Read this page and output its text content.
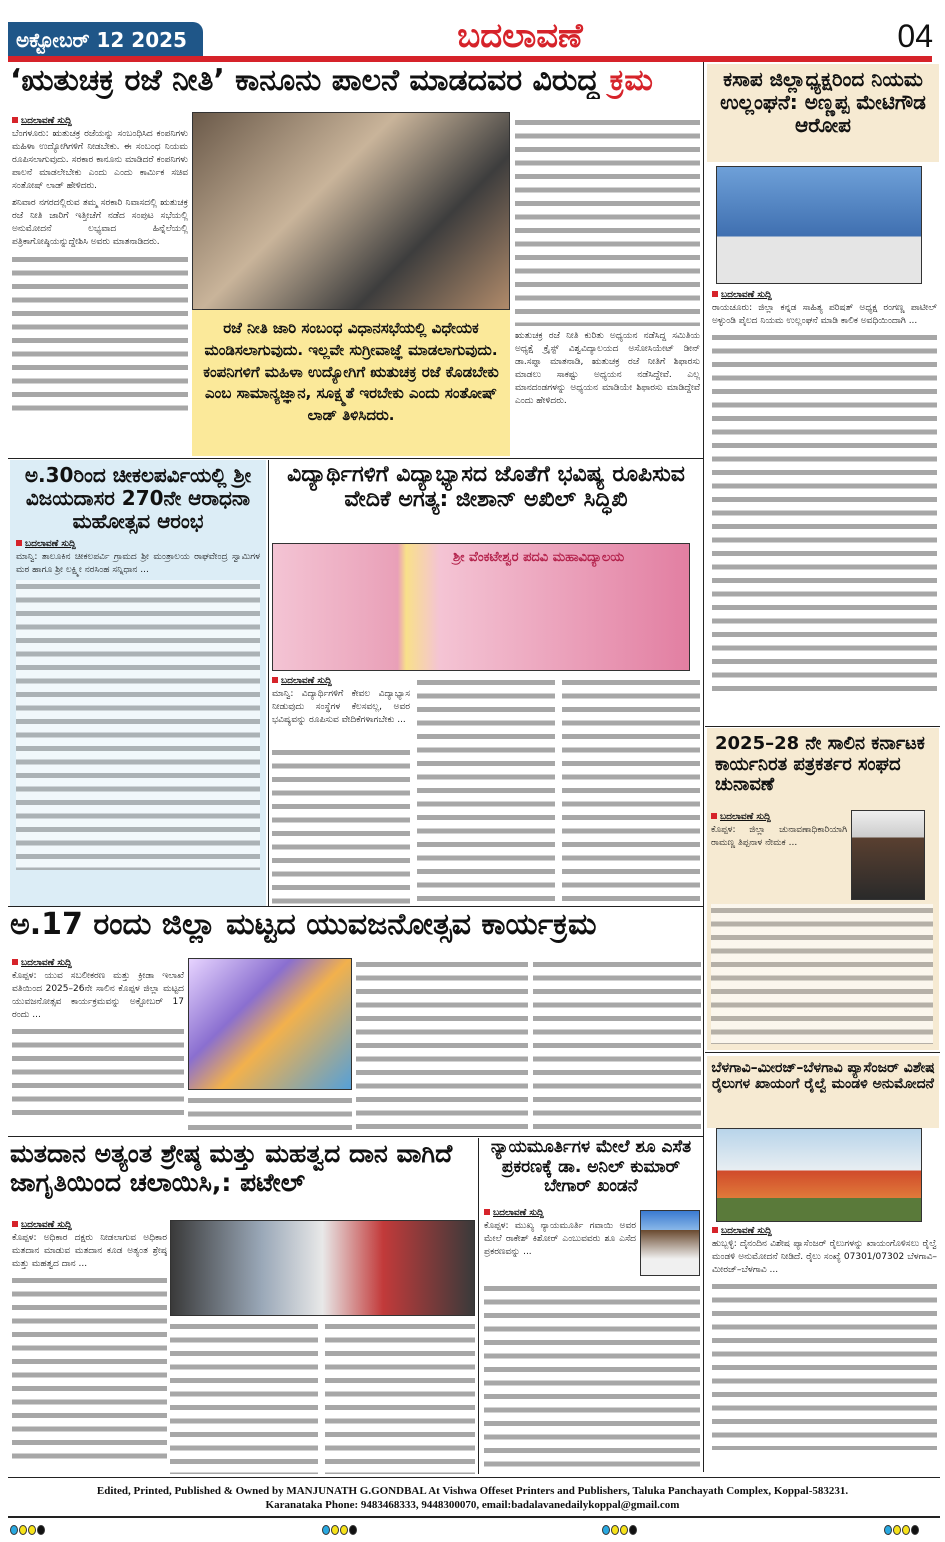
ಅಕ್ಟೋಬರ್ 12 2025	ಬದಲಾವಣೆ	04
‘ಋತುಚಕ್ರ ರಜೆ ನೀತಿ’ ಕಾನೂನು ಪಾಲನೆ ಮಾಡದವರ ವಿರುದ್ಧ ಕ್ರಮ
ಬದಲಾವಣೆ ಸುದ್ದಿ

ಬೆಂಗಳೂರು: ಋತುಚಕ್ರ ರಜೆಯನ್ನು ಸಂಬಂಧಿಸಿದ ಕಂಪನಿಗಳು ಮಹಿಳಾ ಉದ್ಯೋಗಿಗಳಿಗೆ ನೀಡಬೇಕು. ಈ ಸಂಬಂಧ ನಿಯಮ ರೂಪಿಸಲಾಗುವುದು. ಸರಕಾರ ಕಾನೂನು ಮಾಡಿದರೆ ಕಂಪನಿಗಳು ಪಾಲನೆ ಮಾಡಲೇಬೇಕು ಎಂದು ಎಂದು ಕಾರ್ಮಿಕ ಸಚಿವ ಸಂತೋಷ್ ಲಾಡ್ ಹೇಳಿದರು.

ಶನಿವಾರ ನಗರದಲ್ಲಿರುವ ತಮ್ಮ ಸರಕಾರಿ ನಿವಾಸದಲ್ಲಿ ಋತುಚಕ್ರ ರಜೆ ನೀತಿ ಜಾರಿಗೆ ಇತ್ತೀಚೆಗೆ ನಡೆದ ಸಂಪುಟ ಸಭೆಯಲ್ಲಿ ಅನುಮೋದನೆ ಲಭ್ಯವಾದ ಹಿನ್ನೆಲೆಯಲ್ಲಿ ಪತ್ರಿಕಾಗೋಷ್ಠಿಯನ್ನುದ್ದೇಶಿಸಿ ಅವರು ಮಾತನಾಡಿದರು.

ರಜೆ ನೀತಿ ಜಾರಿ ಸಂಬಂಧ ವಿಧಾನಸಭೆಯಲ್ಲಿ ವಿಧೇಯಕ ಮಂಡಿಸಲಾಗುವುದು. ಇಲ್ಲವೇ ಸುಗ್ರೀವಾಜ್ಞೆ ಮಾಡಲಾಗುವುದು. ಕಂಪನಿಗಳಿಗೆ ಮಹಿಳಾ ಉದ್ಯೋಗಿಗೆ ಋತುಚಕ್ರ ರಜೆ ಕೊಡಬೇಕು ಎಂಬ ಸಾಮಾನ್ಯಜ್ಞಾನ, ಸೂಕ್ಷ್ಮತೆ ಇರಬೇಕು ಎಂದು ಸಂತೋಷ್ ಲಾಡ್ ತಿಳಿಸಿದರು.

ಋತುಚಕ್ರ ರಜೆ ನೀತಿ ಕುರಿತು ಅಧ್ಯಯನ ನಡೆಸಿದ್ದ ಸಮಿತಿಯ ಅಧ್ಯಕ್ಷೆ ಕ್ರೈಸ್ಟ್ ವಿಶ್ವವಿದ್ಯಾಲಯದ ಅಸೋಸಿಯೇಟ್ ಡೀನ್ ಡಾ.ಸಪ್ನಾ ಮಾತನಾಡಿ, ಋತುಚಕ್ರ ರಜೆ ನೀತಿಗೆ ಶಿಫಾರಸು ಮಾಡಲು ಸಾಕಷ್ಟು ಅಧ್ಯಯನ ನಡೆಸಿದ್ದೇವೆ. ಎಲ್ಲ ಮಾನದಂಡಗಳನ್ನು ಅಧ್ಯಯನ ಮಾಡಿಯೇ ಶಿಫಾರಸು ಮಾಡಿದ್ದೇವೆ ಎಂದು ಹೇಳಿದರು.

ಕಸಾಪ ಜಿಲ್ಲಾಧ್ಯಕ್ಷರಿಂದ ನಿಯಮ ಉಲ್ಲಂಘನೆ: ಅಣ್ಣಪ್ಪ ಮೇಟಿಗೌಡ ಆರೋಪ
ಬದಲಾವಣೆ ಸುದ್ದಿ

ರಾಯಚೂರು: ಜಿಲ್ಲಾ ಕನ್ನಡ ಸಾಹಿತ್ಯ ಪರಿಷತ್ ಅಧ್ಯಕ್ಷ ರಂಗಣ್ಣ ಪಾಟೀಲ್ ಅಳ್ಳುಂಡಿ ಪೈಲದ ನಿಯಮ ಉಲ್ಲಂಘನೆ ಮಾಡಿ ಕಾಲಿಕ ಅವಧಿಯಿಂದಾಗಿ ...

ಅ.30ರಿಂದ ಚೀಕಲಪರ್ವಿಯಲ್ಲಿ ಶ್ರೀ ವಿಜಯದಾಸರ 270ನೇ ಆರಾಧನಾ ಮಹೋತ್ಸವ ಆರಂಭ
ಬದಲಾವಣೆ ಸುದ್ದಿ

ಮಾನ್ವಿ: ತಾಲೂಕಿನ ಚೀಕಲಪರ್ವಿ ಗ್ರಾಮದ ಶ್ರೀ ಮಂತ್ರಾಲಯ ರಾಘವೇಂದ್ರ ಸ್ವಾಮಿಗಳ ಮಠ ಹಾಗೂ ಶ್ರೀ ಲಕ್ಷ್ಮೀ ನರಸಿಂಹ ಸನ್ನಿಧಾನ ...

ವಿದ್ಯಾರ್ಥಿಗಳಿಗೆ ವಿದ್ಯಾಭ್ಯಾಸದ ಜೊತೆಗೆ ಭವಿಷ್ಯ ರೂಪಿಸುವ ವೇದಿಕೆ ಅಗತ್ಯ: ಜೀಶಾನ್ ಅಖಿಲ್ ಸಿದ್ಧಿಖಿ
ಶ್ರೀ ವೆಂಕಟೇಶ್ವರ ಪದವಿ ಮಹಾವಿದ್ಯಾಲಯ
ಬದಲಾವಣೆ ಸುದ್ದಿ

ಮಾನ್ವಿ: ವಿದ್ಯಾರ್ಥಿಗಳಿಗೆ ಕೇವಲ ವಿದ್ಯಾಭ್ಯಾಸ ನೀಡುವುದು ಸಂಸ್ಥೆಗಳ ಕೆಲಸವಲ್ಲ, ಅವರ ಭವಿಷ್ಯವನ್ನು ರೂಪಿಸುವ ವೇದಿಕೆಗಳಾಗಬೇಕು ...

2025–28 ನೇ ಸಾಲಿನ ಕರ್ನಾಟಕ ಕಾರ್ಯನಿರತ ಪತ್ರಕರ್ತರ ಸಂಘದ ಚುನಾವಣೆ
ಬದಲಾವಣೆ ಸುದ್ದಿ

ಕೊಪ್ಪಳ: ಜಿಲ್ಲಾ ಚುನಾವಣಾಧಿಕಾರಿಯಾಗಿ ರಾಮಣ್ಣ ತಿಪ್ಪನಾಳ ನೇಮಕ ...

ಅ.17 ರಂದು ಜಿಲ್ಲಾ ಮಟ್ಟದ ಯುವಜನೋತ್ಸವ ಕಾರ್ಯಕ್ರಮ
ಬದಲಾವಣೆ ಸುದ್ದಿ

ಕೊಪ್ಪಳ: ಯುವ ಸಬಲೀಕರಣ ಮತ್ತು ಕ್ರೀಡಾ ಇಲಾಖೆ ವತಿಯಿಂದ 2025–26ನೇ ಸಾಲಿನ ಕೊಪ್ಪಳ ಜಿಲ್ಲಾ ಮಟ್ಟದ ಯುವಜನೋತ್ಸವ ಕಾರ್ಯಕ್ರಮವನ್ನು ಅಕ್ಟೋಬರ್ 17 ರಂದು ...

ಬೆಳಗಾವಿ–ಮೀರಜ್–ಬೆಳಗಾವಿ ಪ್ಯಾಸೆಂಜರ್ ವಿಶೇಷ ರೈಲುಗಳ ಖಾಯಂಗೆ ರೈಲ್ವೆ ಮಂಡಳಿ ಅನುಮೋದನೆ
ಬದಲಾವಣೆ ಸುದ್ದಿ

ಹುಬ್ಬಳ್ಳಿ: ದೈನಂದಿನ ವಿಶೇಷ ಪ್ಯಾಸೆಂಜರ್ ರೈಲುಗಳನ್ನು ಖಾಯಂಗೊಳಿಸಲು ರೈಲ್ವೆ ಮಂಡಳಿ ಅನುಮೋದನೆ ನೀಡಿದೆ. ರೈಲು ಸಂಖ್ಯೆ 07301/07302 ಬೆಳಗಾವಿ–ಮೀರಜ್–ಬೆಳಗಾವಿ ...

ಮತದಾನ ಅತ್ಯಂತ ಶ್ರೇಷ್ಠ ಮತ್ತು ಮಹತ್ವದ ದಾನ ವಾಗಿದೆ ಜಾಗೃತಿಯಿಂದ ಚಲಾಯಿಸಿ,: ಪಟೇಲ್
ಬದಲಾವಣೆ ಸುದ್ದಿ

ಕೊಪ್ಪಳ: ಅಧಿಕಾರ ದಕ್ಷರು ನೀಡಲಾಗುವ ಅಧಿಕಾರ ಮತದಾನ ಮಾಡುವ ಮತದಾನ ಕೂಡ ಅತ್ಯಂತ ಶ್ರೇಷ್ಠ ಮತ್ತು ಮಹತ್ವದ ದಾನ ...

ನ್ಯಾಯಮೂರ್ತಿಗಳ ಮೇಲೆ ಶೂ ಎಸೆತ ಪ್ರಕರಣಕ್ಕೆ ಡಾ. ಅನಿಲ್ ಕುಮಾರ್ ಬೇಗಾರ್ ಖಂಡನೆ
ಬದಲಾವಣೆ ಸುದ್ದಿ

ಕೊಪ್ಪಳ: ಮುಖ್ಯ ನ್ಯಾಯಮೂರ್ತಿ ಗವಾಯಿ ಅವರ ಮೇಲೆ ರಾಕೇಶ್ ಕಿಶೋರ್ ಎಂಬುವವರು ಶೂ ಎಸೆದ ಪ್ರಕರಣವನ್ನು ...

Edited, Printed, Published & Owned by MANJUNATH G.GONDBAL At Vishwa Offeset Printers and Publishers, Taluka Panchayath Complex, Koppal-583231.
Karanataka Phone: 9483468333, 9448300070, email:badalavanedailykoppal@gmail.com
